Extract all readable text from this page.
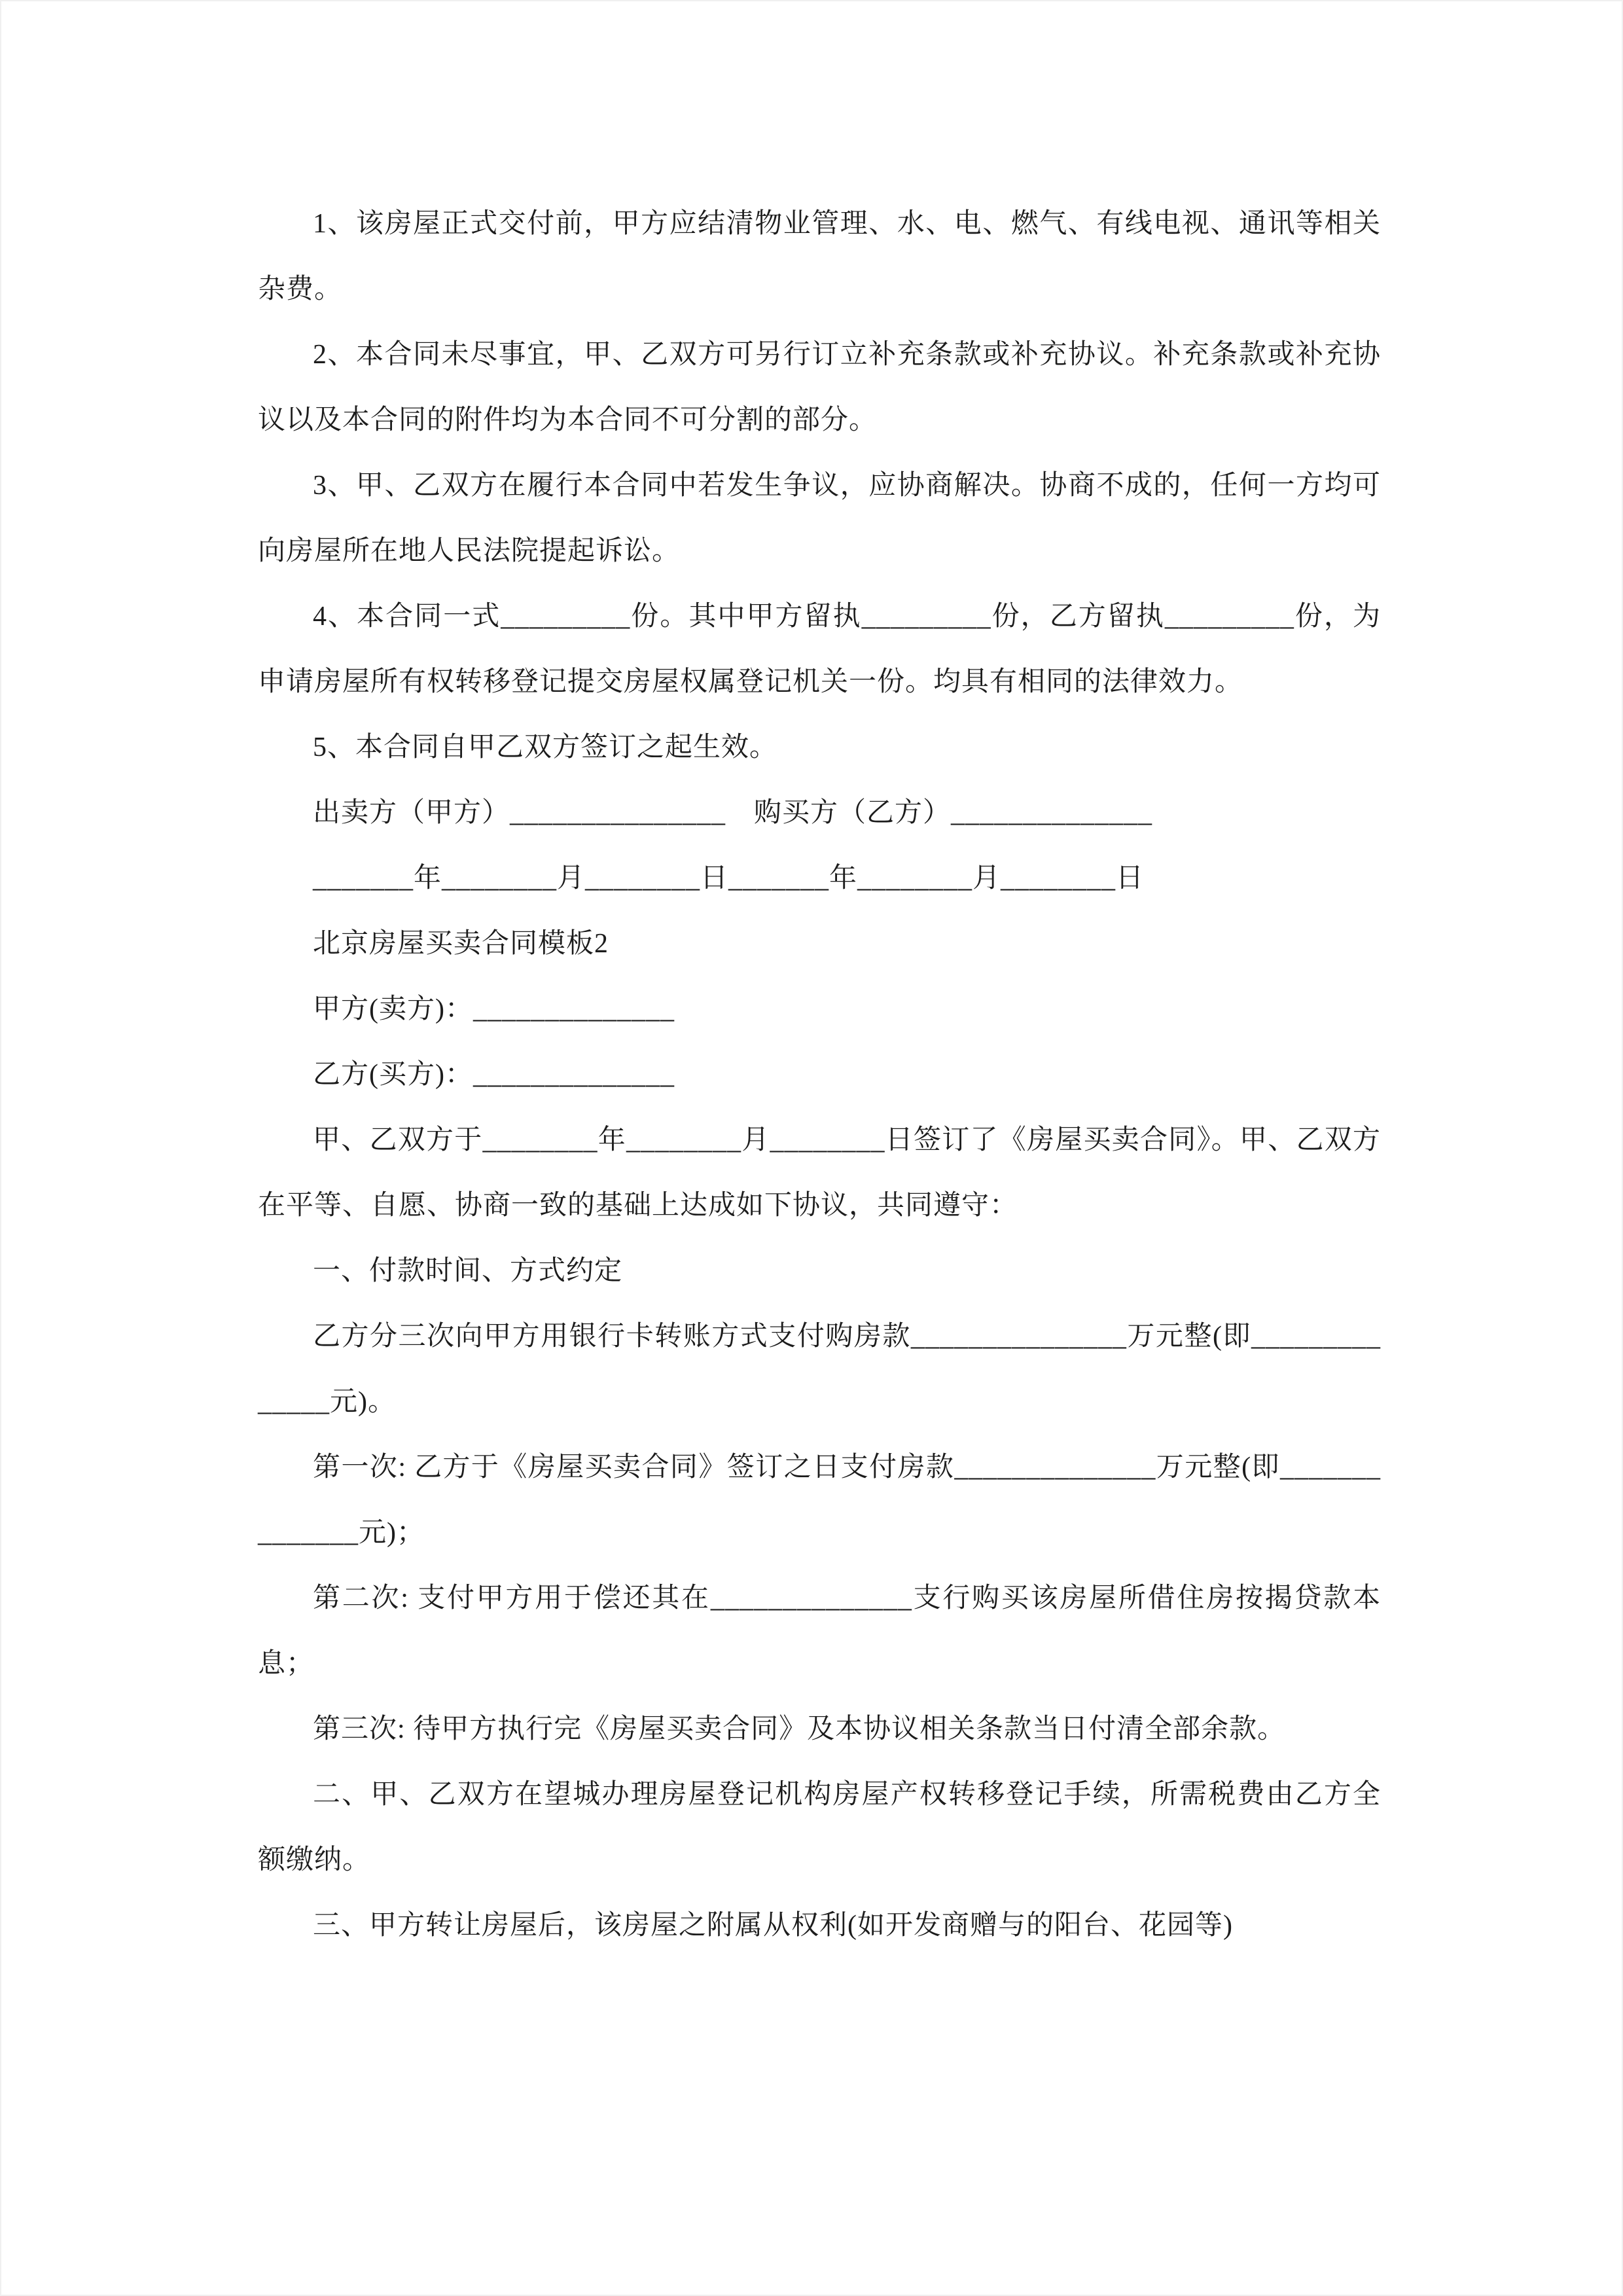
1、该房屋正式交付前，甲方应结清物业管理、水、电、燃气、有线电视、通讯等相关杂费。

2、本合同未尽事宜，甲、乙双方可另行订立补充条款或补充协议。补充条款或补充协议以及本合同的附件均为本合同不可分割的部分。

3、甲、乙双方在履行本合同中若发生争议，应协商解决。协商不成的，任何一方均可向房屋所在地人民法院提起诉讼。

4、本合同一式_________份。其中甲方留执_________份，乙方留执_________份，为申请房屋所有权转移登记提交房屋权属登记机关一份。均具有相同的法律效力。

5、本合同自甲乙双方签订之起生效。

出卖方（甲方）_______________　购买方（乙方）______________

_______年________月________日_______年________月________日

北京房屋买卖合同模板2

甲方(卖方)：______________

乙方(买方)：______________

甲、乙双方于________年________月________日签订了《房屋买卖合同》。甲、乙双方在平等、自愿、协商一致的基础上达成如下协议，共同遵守：

一、付款时间、方式约定

乙方分三次向甲方用银行卡转账方式支付购房款_______________万元整(即______________元)。

第一次: 乙方于《房屋买卖合同》签订之日支付房款______________万元整(即______________元)；

第二次: 支付甲方用于偿还其在______________支行购买该房屋所借住房按揭贷款本息；

第三次: 待甲方执行完《房屋买卖合同》及本协议相关条款当日付清全部余款。

二、甲、乙双方在望城办理房屋登记机构房屋产权转移登记手续，所需税费由乙方全额缴纳。

三、甲方转让房屋后，该房屋之附属从权利(如开发商赠与的阳台、花园等)
